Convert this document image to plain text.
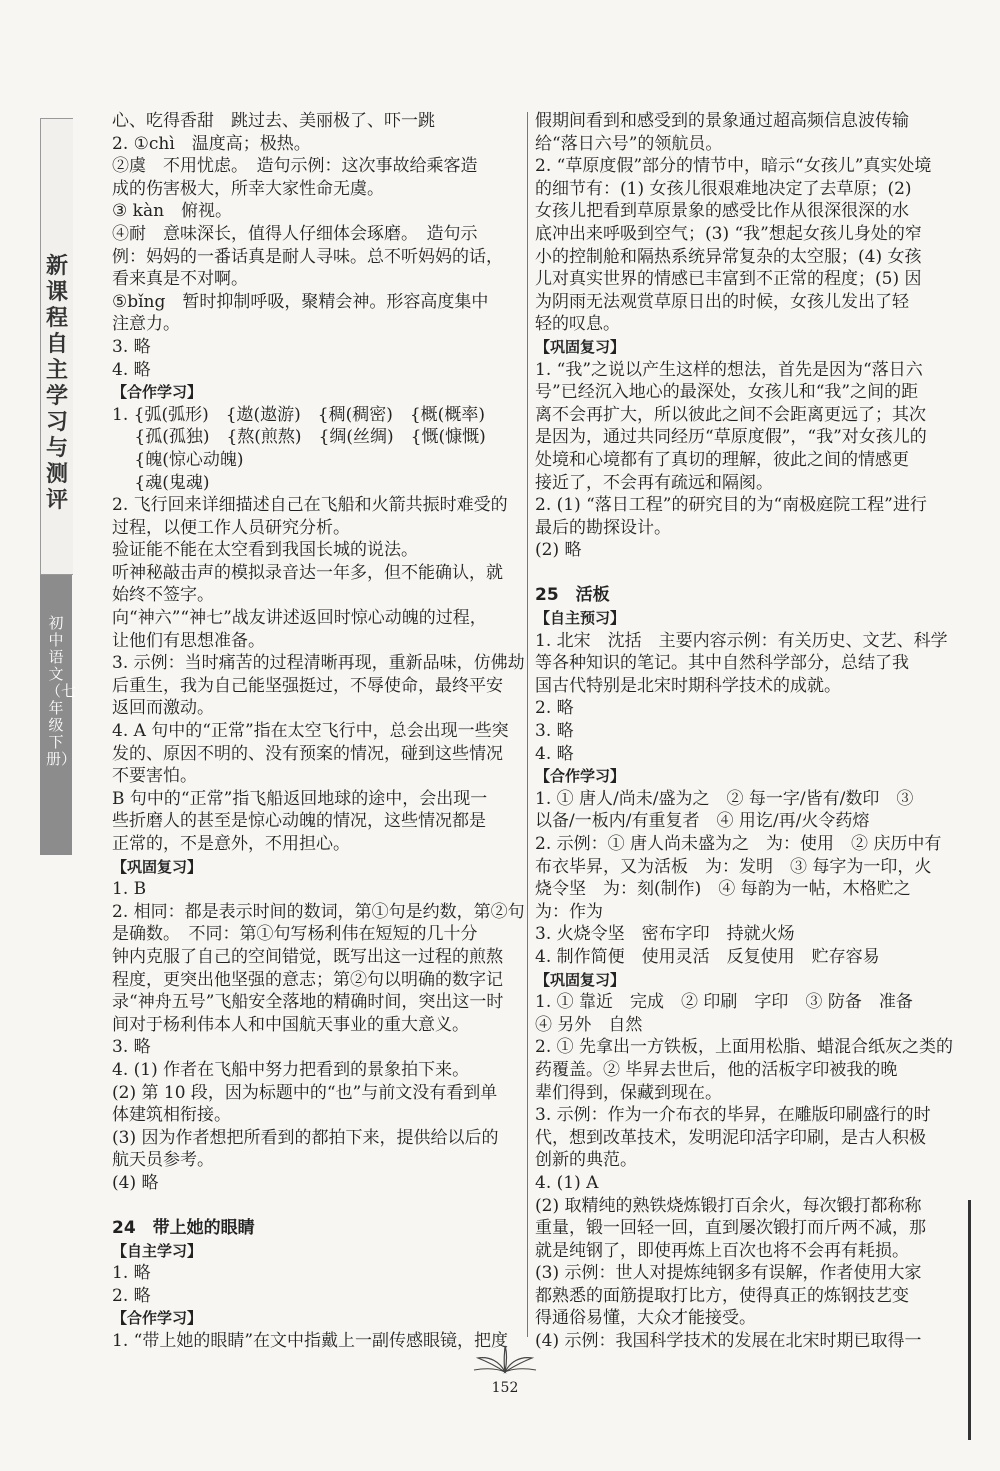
新课程自主学习与测评
初中语文（七年级下册）
心、吃得香甜　跳过去、美丽极了、吓一跳
2. ①chì　温度高；极热。
②虞　不用忧虑。　造句示例：这次事故给乘客造
成的伤害极大，所幸大家性命无虞。
③ kàn　俯视。
④耐　意味深长，值得人仔细体会琢磨。　造句示
例：妈妈的一番话真是耐人寻味。总不听妈妈的话，
看来真是不对啊。
⑤bǐng　暂时抑制呼吸，聚精会神。形容高度集中
注意力。
3. 略
4. 略
【合作学习】
1. {弧(弧形)　{遨(遨游)　{稠(稠密)　{概(概率)
　 {孤(孤独)　{熬(煎熬)　{绸(丝绸)　{慨(慷慨)
　 {魄(惊心动魄)
　 {魂(鬼魂)
2. 飞行回来详细描述自己在飞船和火箭共振时难受的
过程，以便工作人员研究分析。
验证能不能在太空看到我国长城的说法。
听神秘敲击声的模拟录音达一年多，但不能确认，就
始终不签字。
向“神六”“神七”战友讲述返回时惊心动魄的过程，
让他们有思想准备。
3. 示例：当时痛苦的过程清晰再现，重新品味，仿佛劫
后重生，我为自己能坚强挺过，不辱使命，最终平安
返回而激动。
4. A 句中的“正常”指在太空飞行中，总会出现一些突
发的、原因不明的、没有预案的情况，碰到这些情况
不要害怕。
B 句中的“正常”指飞船返回地球的途中，会出现一
些折磨人的甚至是惊心动魄的情况，这些情况都是
正常的，不是意外，不用担心。
【巩固复习】
1. B
2. 相同：都是表示时间的数词，第①句是约数，第②句
是确数。　不同：第①句写杨利伟在短短的几十分
钟内克服了自己的空间错觉，既写出这一过程的煎熬
程度，更突出他坚强的意志；第②句以明确的数字记
录“神舟五号”飞船安全落地的精确时间，突出这一时
间对于杨利伟本人和中国航天事业的重大意义。
3. 略
4. (1) 作者在飞船中努力把看到的景象拍下来。
(2) 第 10 段，因为标题中的“也”与前文没有看到单
体建筑相衔接。
(3) 因为作者想把所看到的都拍下来，提供给以后的
航天员参考。
(4) 略
24　带上她的眼睛
【自主学习】
1. 略
2. 略
【合作学习】
1. “带上她的眼睛”在文中指戴上一副传感眼镜，把度
假期间看到和感受到的景象通过超高频信息波传输
给“落日六号”的领航员。
2. “草原度假”部分的情节中，暗示“女孩儿”真实处境
的细节有：(1) 女孩儿很艰难地决定了去草原；(2)
女孩儿把看到草原景象的感受比作从很深很深的水
底冲出来呼吸到空气；(3) “我”想起女孩儿身处的窄
小的控制舱和隔热系统异常复杂的太空服；(4) 女孩
儿对真实世界的情感已丰富到不正常的程度；(5) 因
为阴雨无法观赏草原日出的时候，女孩儿发出了轻
轻的叹息。
【巩固复习】
1. “我”之说以产生这样的想法，首先是因为“落日六
号”已经沉入地心的最深处，女孩儿和“我”之间的距
离不会再扩大，所以彼此之间不会距离更远了；其次
是因为，通过共同经历“草原度假”，“我”对女孩儿的
处境和心境都有了真切的理解，彼此之间的情感更
接近了，不会再有疏远和隔阂。
2. (1) “落日工程”的研究目的为“南极庭院工程”进行
最后的勘探设计。
(2) 略
25　活板
【自主预习】
1. 北宋　沈括　主要内容示例：有关历史、文艺、科学
等各种知识的笔记。其中自然科学部分，总结了我
国古代特别是北宋时期科学技术的成就。
2. 略
3. 略
4. 略
【合作学习】
1. ① 唐人/尚未/盛为之　② 每一字/皆有/数印　③
以备/一板内/有重复者　④ 用讫/再/火令药熔
2. 示例：① 唐人尚未盛为之　为：使用　② 庆历中有
布衣毕昇，又为活板　为：发明　③ 每字为一印，火
烧令坚　为：刻(制作)　④ 每韵为一帖，木格贮之
为：作为
3. 火烧令坚　密布字印　持就火炀
4. 制作简便　使用灵活　反复使用　贮存容易
【巩固复习】
1. ① 靠近　完成　② 印刷　字印　③ 防备　准备
④ 另外　自然
2. ① 先拿出一方铁板，上面用松脂、蜡混合纸灰之类的
药覆盖。② 毕昇去世后，他的活板字印被我的晚
辈们得到，保藏到现在。
3. 示例：作为一介布衣的毕昇，在雕版印刷盛行的时
代，想到改革技术，发明泥印活字印刷，是古人积极
创新的典范。
4. (1) A
(2) 取精纯的熟铁烧炼锻打百余火，每次锻打都称称
重量，锻一回轻一回，直到屡次锻打而斤两不减，那
就是纯钢了，即使再炼上百次也将不会再有耗损。
(3) 示例：世人对提炼纯钢多有误解，作者使用大家
都熟悉的面筋提取打比方，使得真正的炼钢技艺变
得通俗易懂，大众才能接受。
(4) 示例：我国科学技术的发展在北宋时期已取得一
152
